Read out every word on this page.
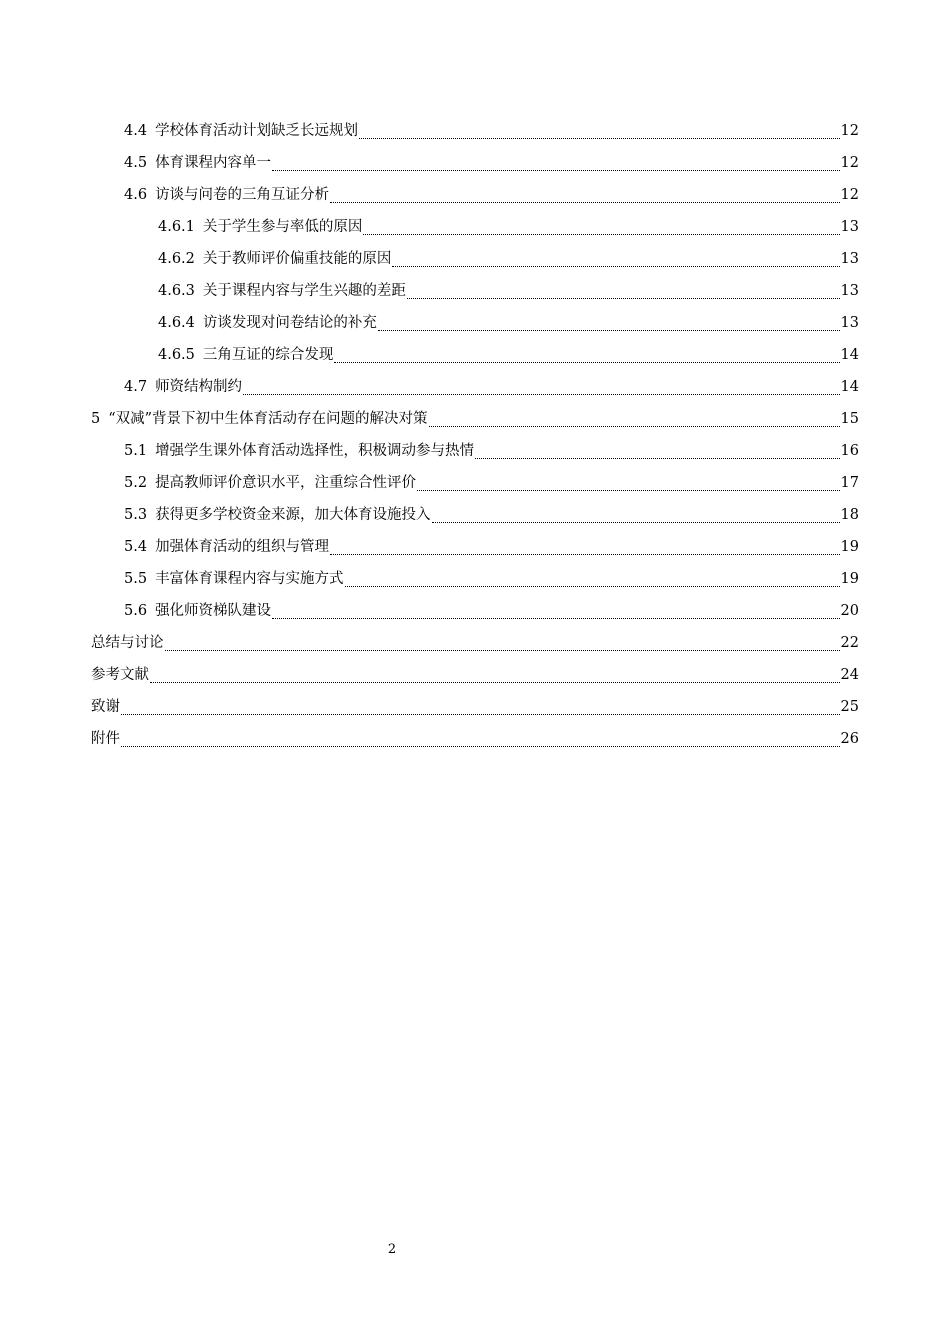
4.4 学校体育活动计划缺乏长远规划	12
4.5 体育课程内容单一	12
4.6 访谈与问卷的三角互证分析	12
4.6.1 关于学生参与率低的原因	13
4.6.2 关于教师评价偏重技能的原因	13
4.6.3 关于课程内容与学生兴趣的差距	13
4.6.4 访谈发现对问卷结论的补充	13
4.6.5 三角互证的综合发现	14
4.7 师资结构制约	14
5 “双减”背景下初中生体育活动存在问题的解决对策	15
5.1 增强学生课外体育活动选择性，积极调动参与热情	16
5.2 提高教师评价意识水平，注重综合性评价	17
5.3 获得更多学校资金来源，加大体育设施投入	18
5.4 加强体育活动的组织与管理	19
5.5 丰富体育课程内容与实施方式	19
5.6 强化师资梯队建设	20
总结与讨论	22
参考文献	24
致谢	25
附件	26
2
